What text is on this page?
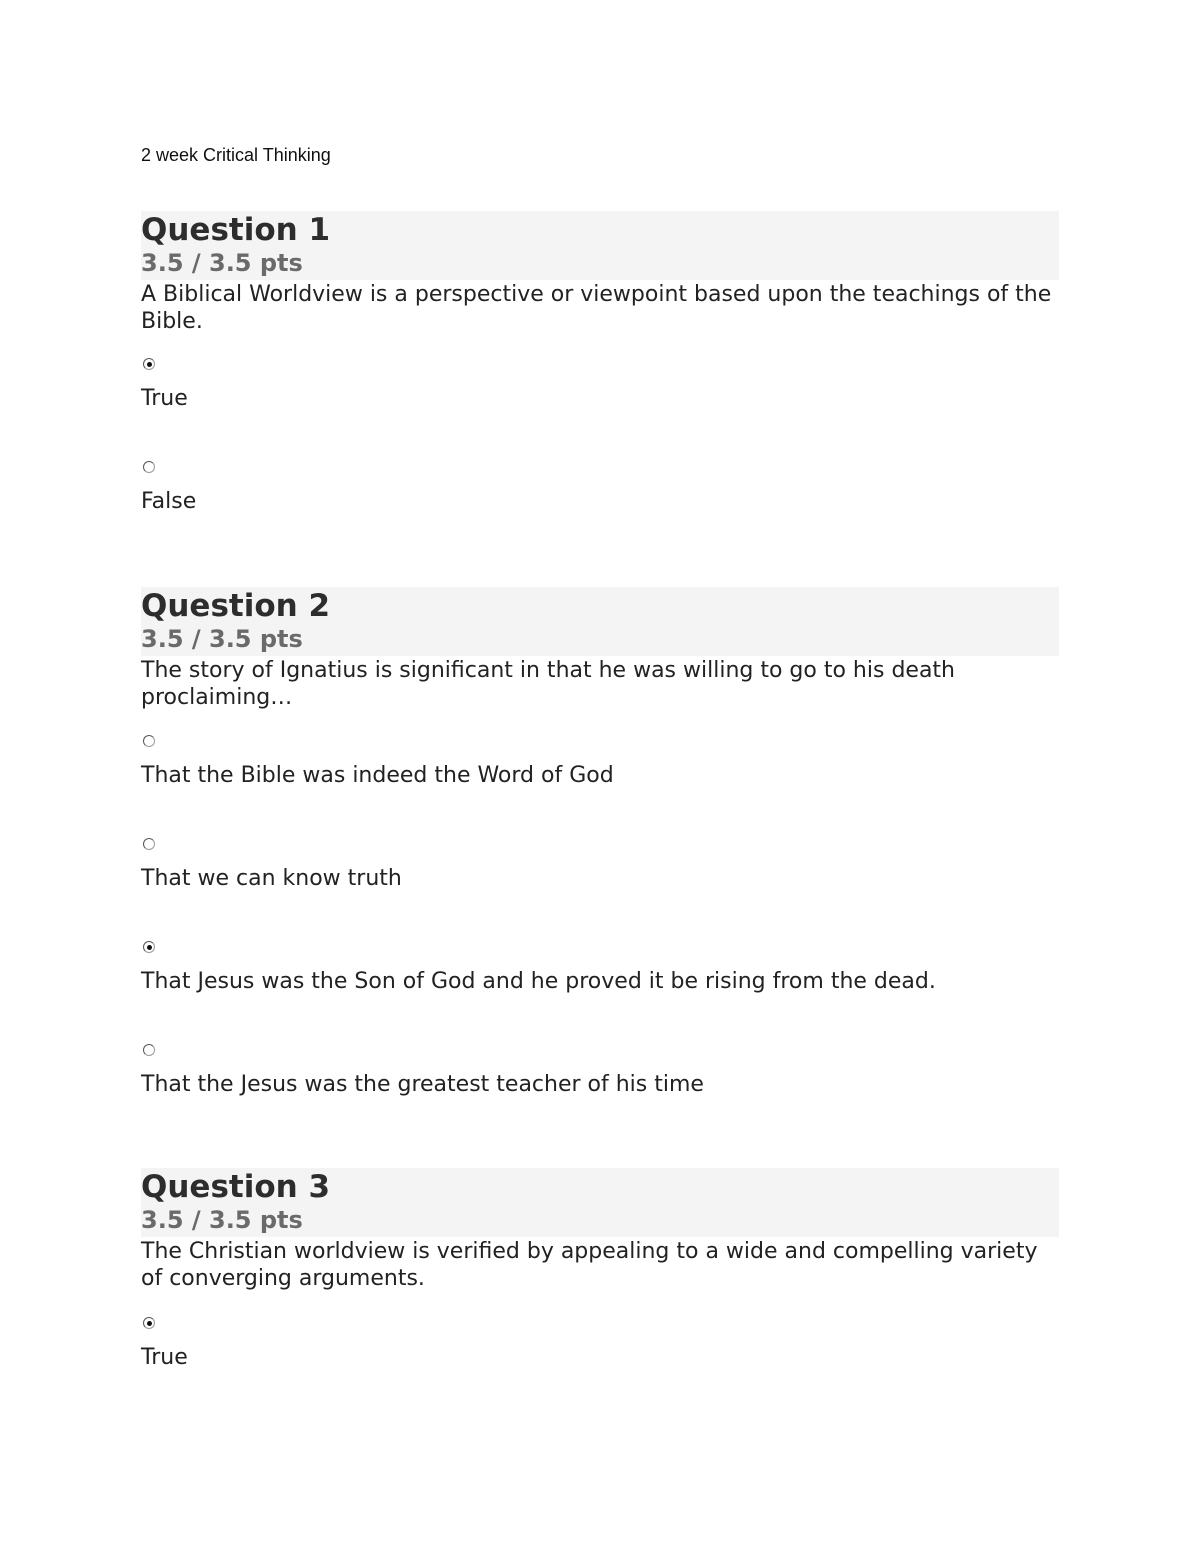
2 week Critical Thinking
Question 1
3.5 / 3.5 pts

A Biblical Worldview is a perspective or viewpoint based upon the teachings of the Bible.

True
False
Question 2
3.5 / 3.5 pts

The story of Ignatius is significant in that he was willing to go to his death proclaiming…

That the Bible was indeed the Word of God
That we can know truth
That Jesus was the Son of God and he proved it be rising from the dead.
That the Jesus was the greatest teacher of his time
Question 3
3.5 / 3.5 pts

The Christian worldview is verified by appealing to a wide and compelling variety of converging arguments.

True
